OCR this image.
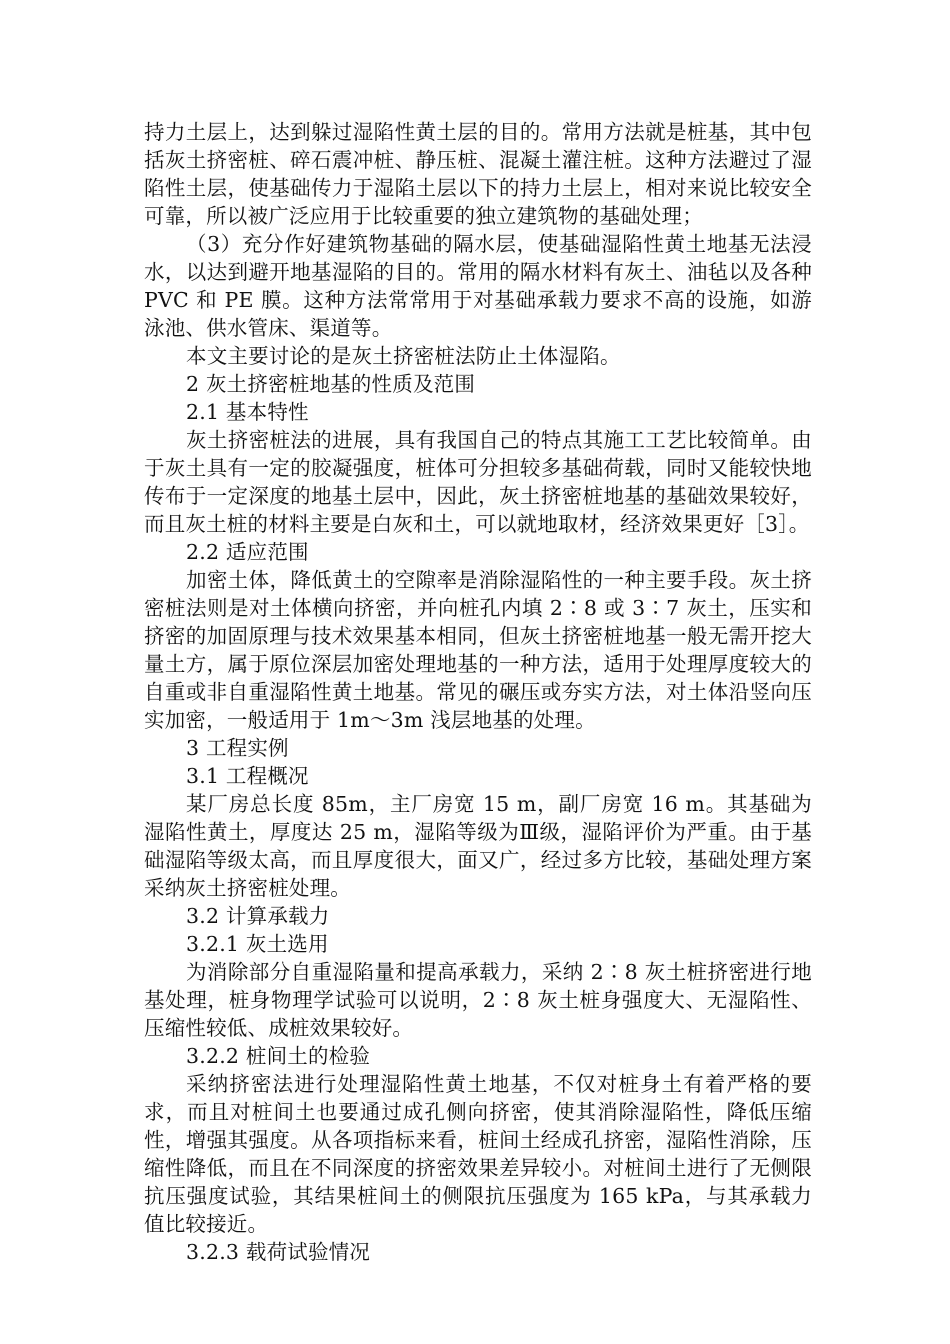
持力土层上，达到躲过湿陷性黄土层的目的。常用方法就是桩基，其中包括灰土挤密桩、碎石震冲桩、静压桩、混凝土灌注桩。这种方法避过了湿陷性土层，使基础传力于湿陷土层以下的持力土层上，相对来说比较安全可靠，所以被广泛应用于比较重要的独立建筑物的基础处理；

（3）充分作好建筑物基础的隔水层，使基础湿陷性黄土地基无法浸水，以达到避开地基湿陷的目的。常用的隔水材料有灰土、油毡以及各种 PVC 和 PE 膜。这种方法常常用于对基础承载力要求不高的设施，如游泳池、供水管床、渠道等。

本文主要讨论的是灰土挤密桩法防止土体湿陷。

2 灰土挤密桩地基的性质及范围

2.1 基本特性

灰土挤密桩法的进展，具有我国自己的特点其施工工艺比较简单。由于灰土具有一定的胶凝强度，桩体可分担较多基础荷载，同时又能较快地传布于一定深度的地基土层中，因此，灰土挤密桩地基的基础效果较好，而且灰土桩的材料主要是白灰和土，可以就地取材，经济效果更好［3］。

2.2 适应范围

加密土体，降低黄土的空隙率是消除湿陷性的一种主要手段。灰土挤密桩法则是对土体横向挤密，并向桩孔内填 2∶8 或 3∶7 灰土，压实和挤密的加固原理与技术效果基本相同，但灰土挤密桩地基一般无需开挖大量土方，属于原位深层加密处理地基的一种方法，适用于处理厚度较大的自重或非自重湿陷性黄土地基。常见的碾压或夯实方法，对土体沿竖向压实加密，一般适用于 1m～3m 浅层地基的处理。

3 工程实例

3.1 工程概况

某厂房总长度 85m，主厂房宽 15 m，副厂房宽 16 m。其基础为湿陷性黄土，厚度达 25 m，湿陷等级为Ⅲ级，湿陷评价为严重。由于基础湿陷等级太高，而且厚度很大，面又广，经过多方比较，基础处理方案采纳灰土挤密桩处理。

3.2 计算承载力

3.2.1 灰土选用

为消除部分自重湿陷量和提高承载力，采纳 2∶8 灰土桩挤密进行地基处理，桩身物理学试验可以说明，2∶8 灰土桩身强度大、无湿陷性、压缩性较低、成桩效果较好。

3.2.2 桩间土的检验

采纳挤密法进行处理湿陷性黄土地基，不仅对桩身土有着严格的要求，而且对桩间土也要通过成孔侧向挤密，使其消除湿陷性，降低压缩性，增强其强度。从各项指标来看，桩间土经成孔挤密，湿陷性消除，压缩性降低，而且在不同深度的挤密效果差异较小。对桩间土进行了无侧限抗压强度试验，其结果桩间土的侧限抗压强度为 165 kPa，与其承载力值比较接近。

3.2.3 载荷试验情况
